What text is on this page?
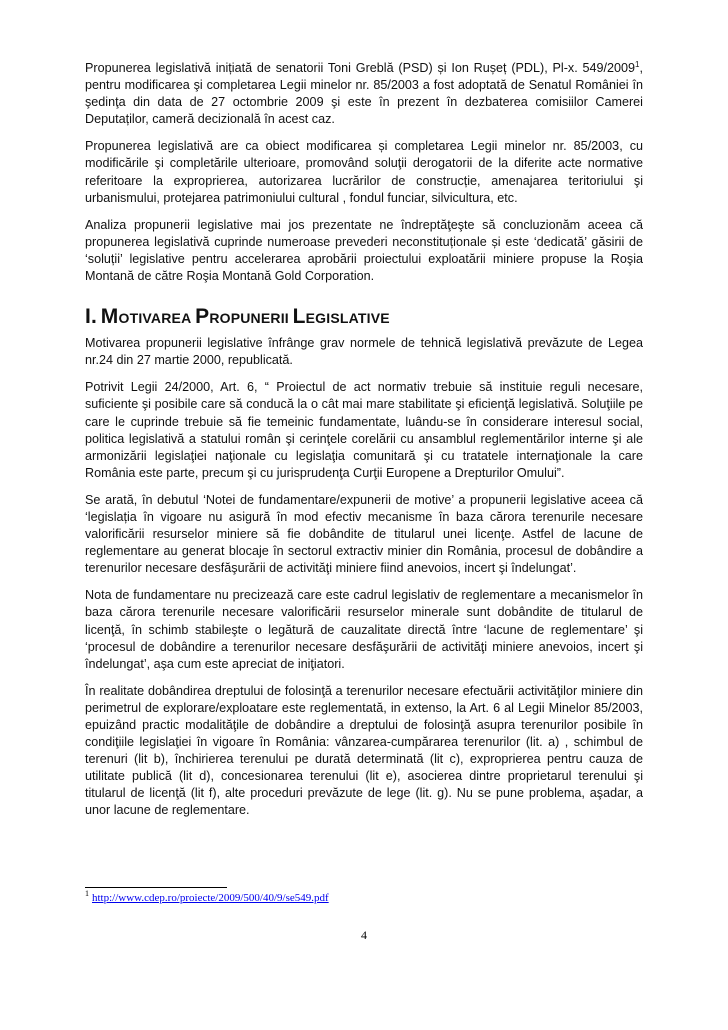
Propunerea legislativă inițiată de senatorii Toni Greblă (PSD) și Ion Rușeț (PDL), Pl-x. 549/2009$^1$, pentru modificarea şi completarea Legii minelor nr. 85/2003 a fost adoptată de Senatul României în şedinţa din data de 27 octombrie 2009 şi este în prezent în dezbaterea comisiilor Camerei Deputaților, cameră decizională în acest caz.

Propunerea legislativă are ca obiect modificarea și completarea Legii minelor nr. 85/2003, cu modificările şi completările ulterioare, promovând soluţii derogatorii de la diferite acte normative referitoare la exproprierea, autorizarea lucrărilor de construcție, amenajarea teritoriului şi urbanismului, protejarea patrimoniului cultural , fondul funciar, silvicultura, etc.

Analiza propunerii legislative mai jos prezentate ne îndreptăţeşte să concluzionăm aceea că propunerea legislativă cuprinde numeroase prevederi neconstituționale și este ‘dedicată’ găsirii de ‘soluții’ legislative pentru accelerarea aprobării proiectului exploatării miniere propuse la Roşia Montană de către Roşia Montană Gold Corporation.

I. MOTIVAREA PROPUNERII LEGISLATIVE

Motivarea propunerii legislative înfrânge grav normele de tehnică legislativă prevăzute de Legea nr.24 din 27 martie 2000, republicată.

Potrivit Legii 24/2000, Art. 6, “ Proiectul de act normativ trebuie să instituie reguli necesare, suficiente şi posibile care să conducă la o cât mai mare stabilitate şi eficienţă legislativă. Soluţiile pe care le cuprinde trebuie să fie temeinic fundamentate, luându-se în considerare interesul social, politica legislativă a statului român şi cerinţele corelării cu ansamblul reglementărilor interne şi ale armonizării legislaţiei naţionale cu legislaţia comunitară şi cu tratatele internaţionale la care România este parte, precum şi cu jurisprudenţa Curţii Europene a Drepturilor Omului”.

Se arată, în debutul ‘Notei de fundamentare/expunerii de motive’ a propunerii legislative aceea că ‘legislația în vigoare nu asigură în mod efectiv mecanisme în baza cărora terenurile necesare valorificării resurselor miniere să fie dobândite de titularul unei licenţe. Astfel de lacune de reglementare au generat blocaje în sectorul extractiv minier din România, procesul de dobândire a terenurilor necesare desfăşurării de activităţi miniere fiind anevoios, incert şi îndelungat’.

Nota de fundamentare nu precizează care este cadrul legislativ de reglementare a mecanismelor în baza cărora terenurile necesare valorificării resurselor minerale sunt dobândite de titularul de licenţă, în schimb stabileşte o legătură de cauzalitate directă între ‘lacune de reglementare’ şi ‘procesul de dobândire a terenurilor necesare desfăşurării de activităţi miniere anevoios, incert şi îndelungat’, aşa cum este apreciat de iniţiatori.

În realitate dobândirea dreptului de folosinţă a terenurilor necesare efectuării activităţilor miniere din perimetrul de explorare/exploatare este reglementată, in extenso, la Art. 6 al Legii Minelor 85/2003, epuizând practic modalităţile de dobândire a dreptului de folosinţă asupra terenurilor posibile în condiţiile legislaţiei în vigoare în România: vânzarea-cumpărarea terenurilor (lit. a) , schimbul de terenuri (lit b), închirierea terenului pe durată determinată (lit c), exproprierea pentru cauza de utilitate publică (lit d), concesionarea terenului (lit e), asocierea dintre proprietarul terenului şi titularul de licenţă (lit f), alte proceduri prevăzute de lege (lit. g). Nu se pune problema, aşadar, a unor lacune de reglementare.

$^1$ http://www.cdep.ro/proiecte/2009/500/40/9/se549.pdf
4
